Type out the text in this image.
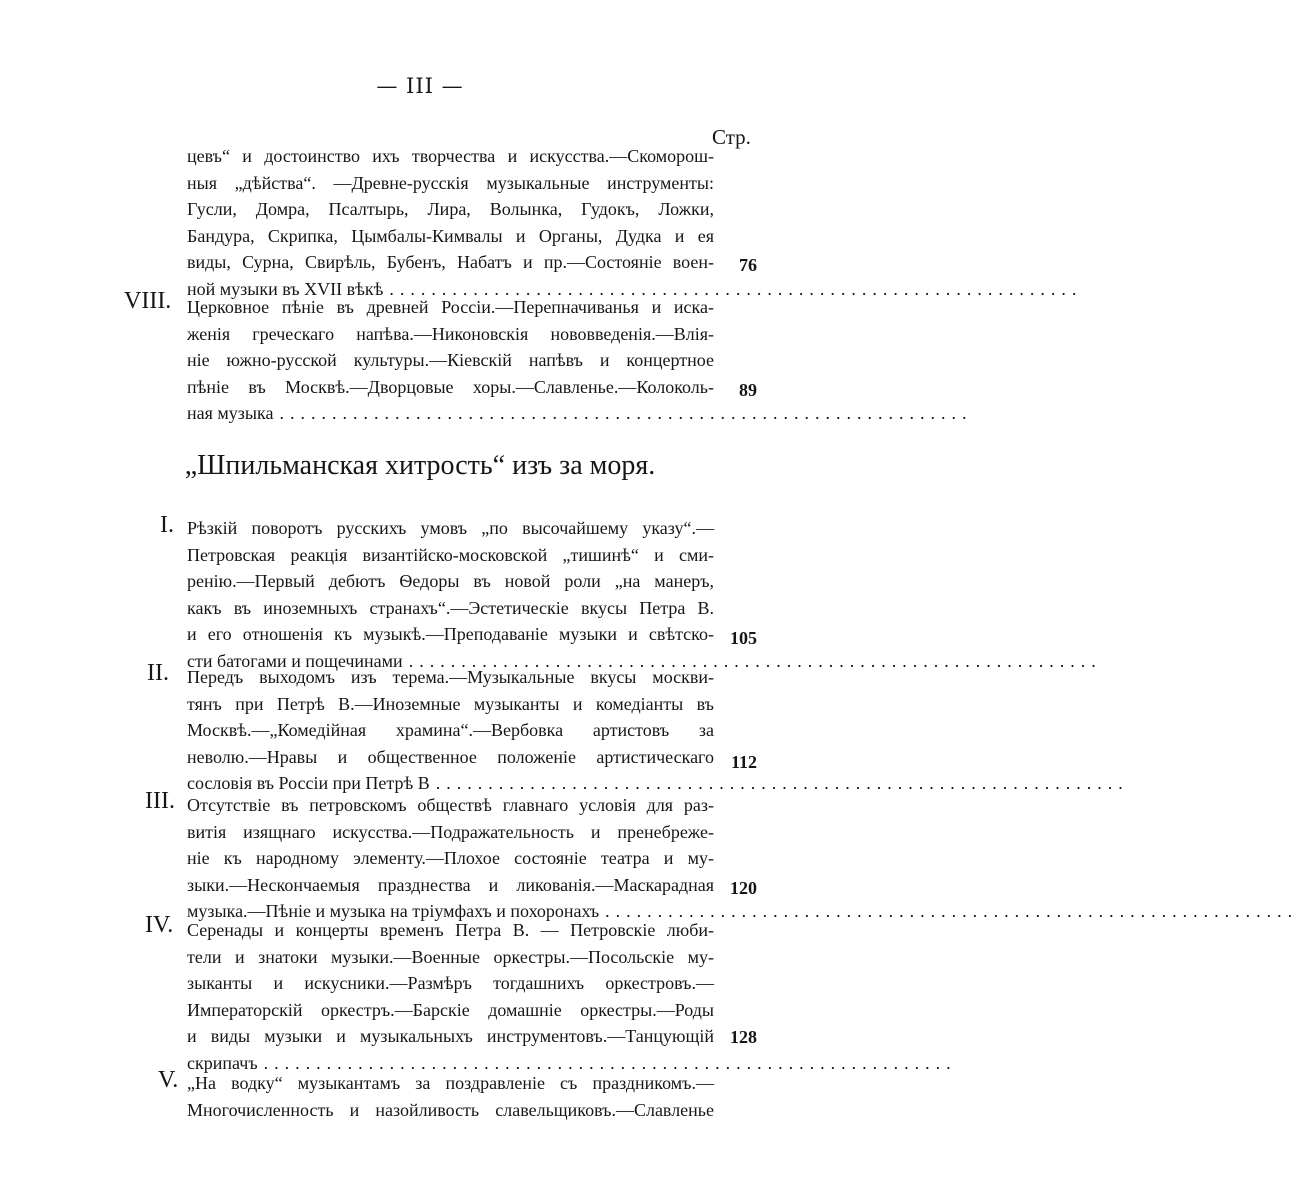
— III —
Стр.
цевъ“ и достоинство ихъ творчества и искусства.—Скоморош-
ныя „дѣйства“. —Древне-русскія музыкальные инструменты:
Гусли, Домра, Псалтырь, Лира, Волынка, Гудокъ, Ложки,
Бандура, Скрипка, Цымбалы-Кимвалы и Органы, Дудка и ея
виды, Сурна, Свирѣль, Бубенъ, Набатъ и пр.—Состояніе воен-
ной музыки въ XVII вѣкѣ ..................................................................
76
VIII. Церковное пѣніе въ древней Россіи.—Перепначиванья и иска-
женія греческаго напѣва.—Никоновскія нововведенія.—Влія-
ніе южно-русской культуры.—Кіевскій напѣвъ и концертное
пѣніе въ Москвѣ.—Дворцовые хоры.—Славленье.—Колоколь-
ная музыка ..................................................................
89
„Шпильманская хитрость“ изъ за моря.
I. Рѣзкій поворотъ русскихъ умовъ „по высочайшему указу“.—
Петровская реакція византійско-московской „тишинѣ“ и сми-
ренію.—Первый дебютъ Ѳедоры въ новой роли „на манеръ,
какъ въ иноземныхъ странахъ“.—Эстетическіе вкусы Петра В.
и его отношенія къ музыкѣ.—Преподаваніе музыки и свѣтско-
сти батогами и пощечинами ..................................................................
105
II. Передъ выходомъ изъ терема.—Музыкальные вкусы москви-
тянъ при Петрѣ В.—Иноземные музыканты и комедіанты въ
Москвѣ.—„Комедійная храмина“.—Вербовка артистовъ за
неволю.—Нравы и общественное положеніе артистическаго
сословія въ Россіи при Петрѣ В ..................................................................
112
III. Отсутствіе въ петровскомъ обществѣ главнаго условія для раз-
витія изящнаго искусства.—Подражательность и пренебреже-
ніе къ народному элементу.—Плохое состояніе театра и му-
зыки.—Нескончаемыя празднества и ликованія.—Маскарадная
музыка.—Пѣніе и музыка на тріумфахъ и похоронахъ ..................................................................
120
IV. Серенады и концерты временъ Петра В. — Петровскіе люби-
тели и знатоки музыки.—Военные оркестры.—Посольскіе му-
зыканты и искусники.—Размѣръ тогдашнихъ оркестровъ.—
Императорскій оркестръ.—Барскіе домашніе оркестры.—Роды
и виды музыки и музыкальныхъ инструментовъ.—Танцующій
скрипачъ ..................................................................
128
V. „На водку“ музыкантамъ за поздравленіе съ праздникомъ.—
Многочисленность и назойливость славельщиковъ.—Славленье
